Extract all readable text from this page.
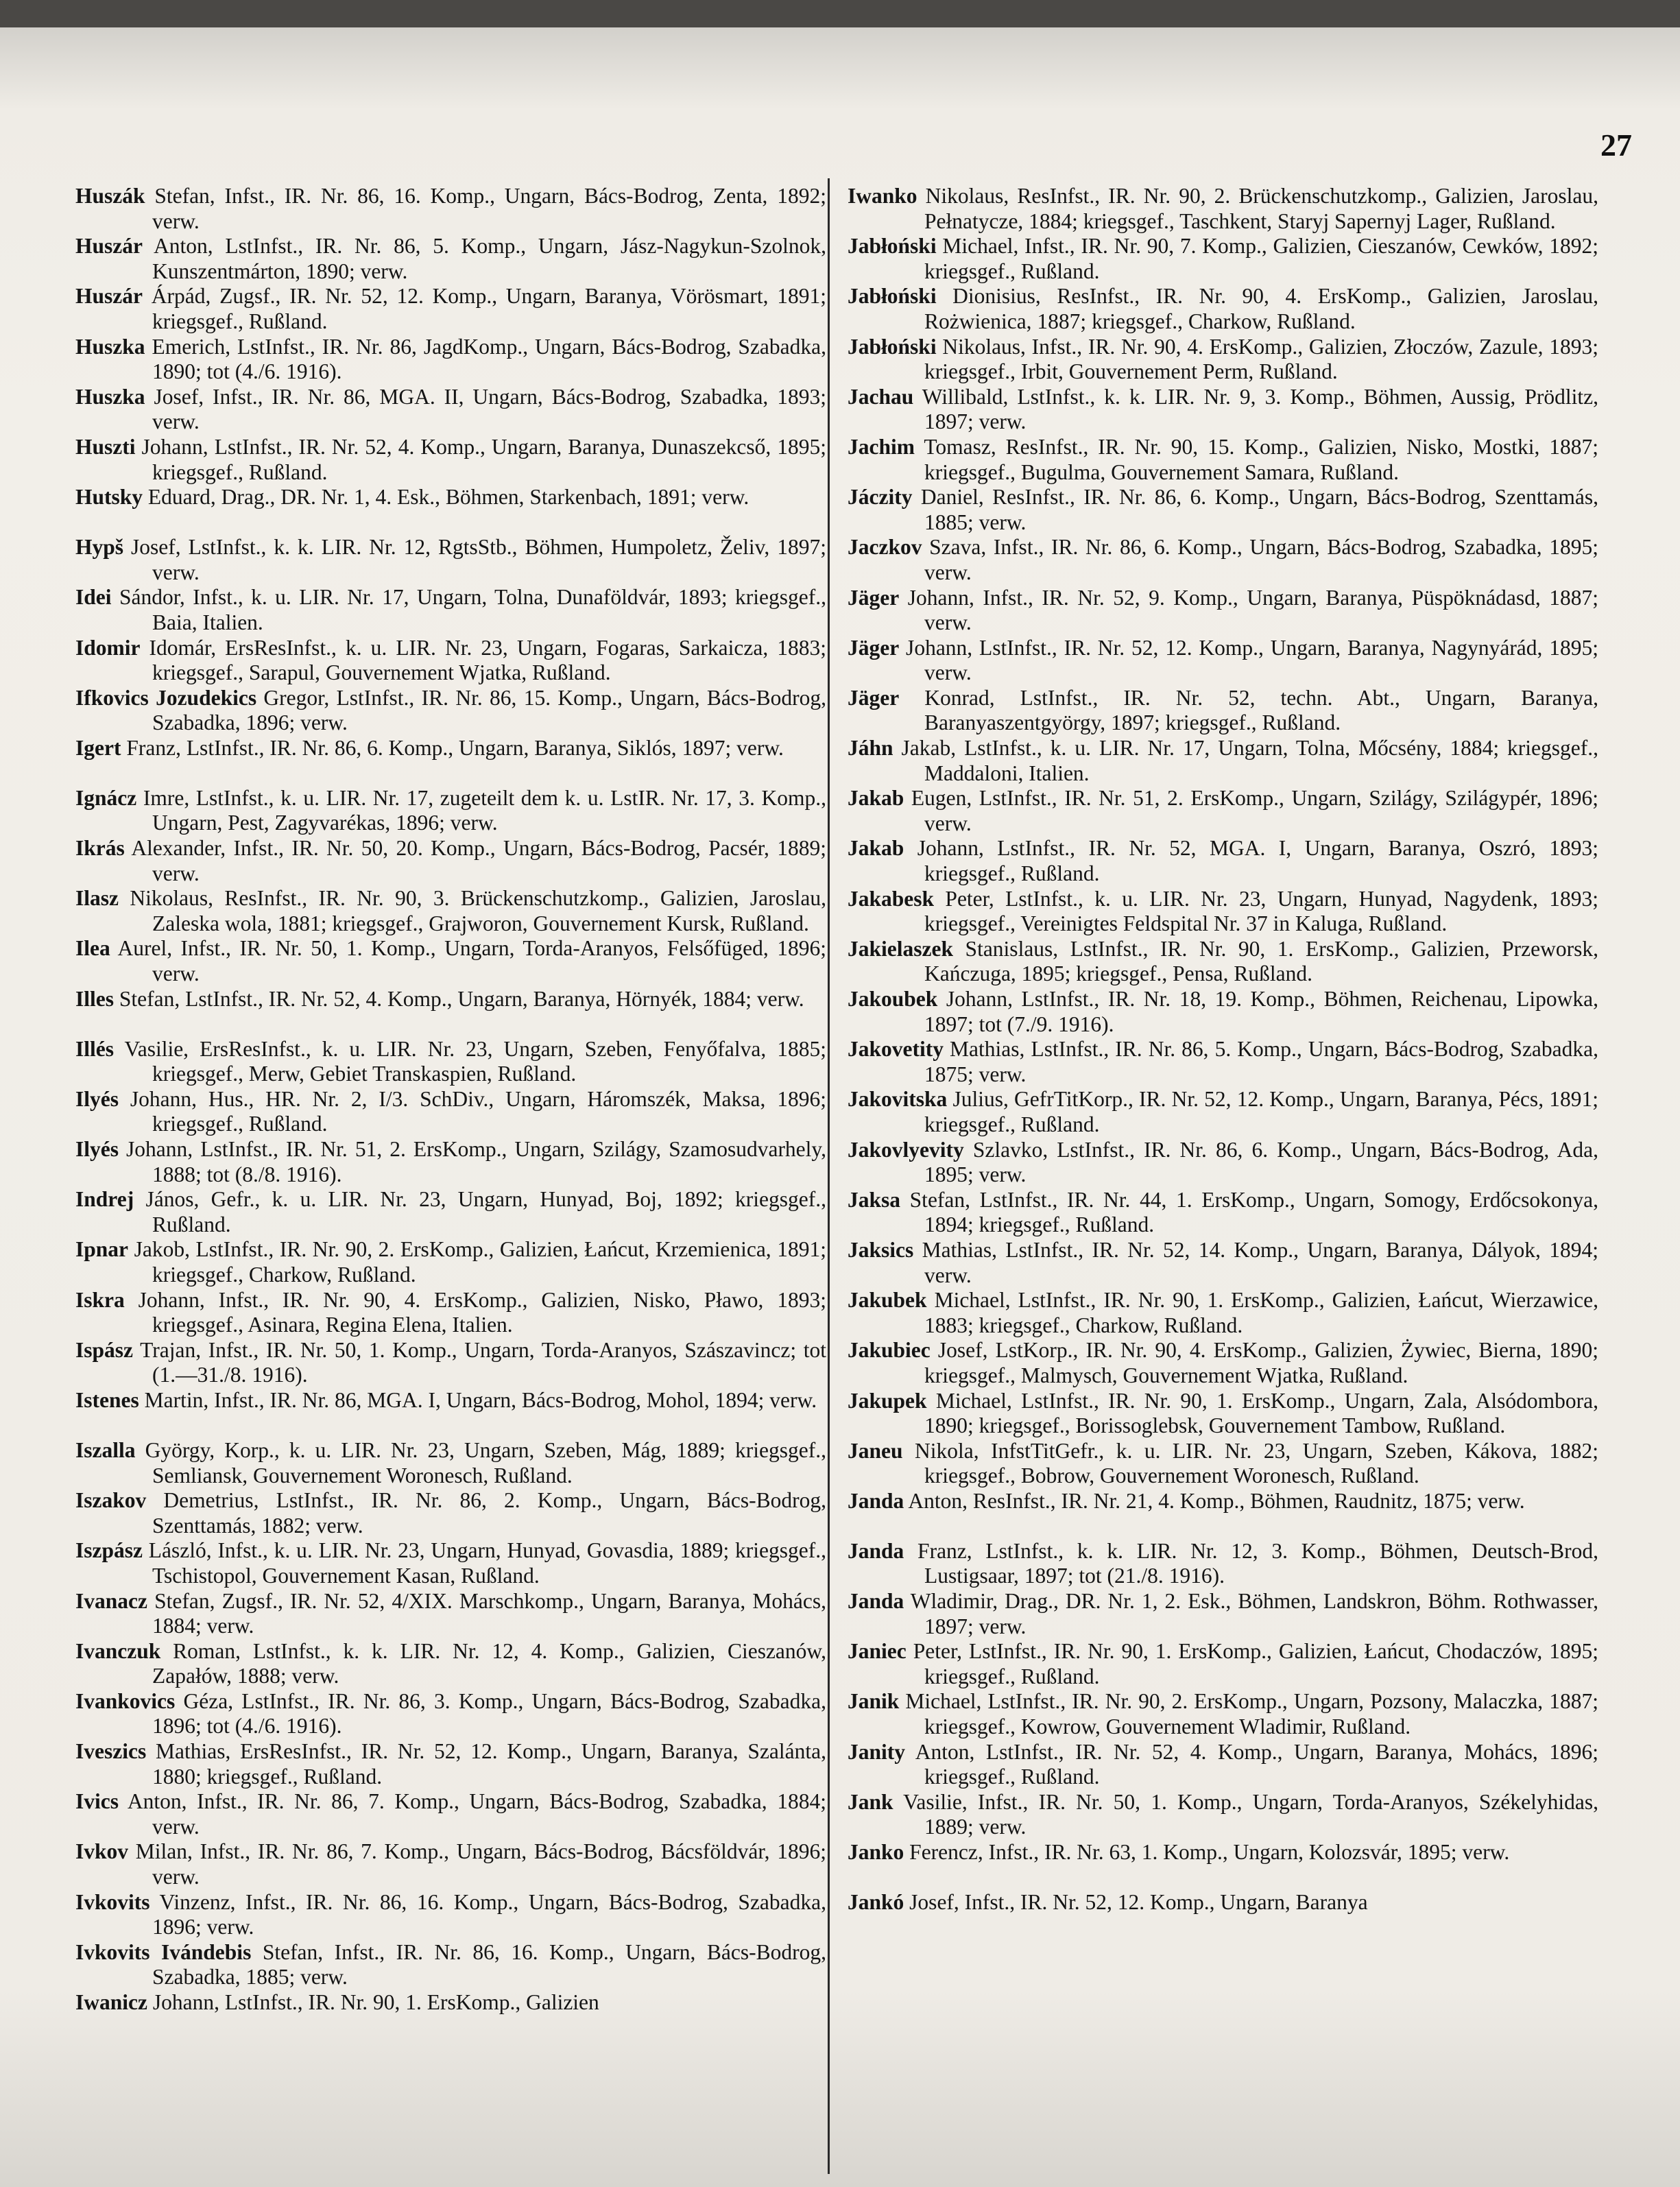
27

Huszák Stefan, Infst., IR. Nr. 86, 16. Komp., Ungarn, Bács-Bodrog, Zenta, 1892; verw.

Huszár Anton, LstInfst., IR. Nr. 86, 5. Komp., Ungarn, Jász-Nagykun-Szolnok, Kunszentmárton, 1890; verw.

Huszár Árpád, Zugsf., IR. Nr. 52, 12. Komp., Ungarn, Baranya, Vörösmart, 1891; kriegsgef., Rußland.

Huszka Emerich, LstInfst., IR. Nr. 86, JagdKomp., Ungarn, Bács-Bodrog, Szabadka, 1890; tot (4./6. 1916).

Huszka Josef, Infst., IR. Nr. 86, MGA. II, Ungarn, Bács-Bodrog, Szabadka, 1893; verw.

Huszti Johann, LstInfst., IR. Nr. 52, 4. Komp., Ungarn, Baranya, Dunaszekcső, 1895; kriegsgef., Rußland.

Hutsky Eduard, Drag., DR. Nr. 1, 4. Esk., Böhmen, Starkenbach, 1891; verw.

Hypš Josef, LstInfst., k. k. LIR. Nr. 12, RgtsStb., Böhmen, Humpoletz, Želiv, 1897; verw.

Idei Sándor, Infst., k. u. LIR. Nr. 17, Ungarn, Tolna, Dunaföldvár, 1893; kriegsgef., Baia, Italien.

Idomir Idomár, ErsResInfst., k. u. LIR. Nr. 23, Ungarn, Fogaras, Sarkaicza, 1883; kriegsgef., Sarapul, Gouvernement Wjatka, Rußland.

Ifkovics Jozudekics Gregor, LstInfst., IR. Nr. 86, 15. Komp., Ungarn, Bács-Bodrog, Szabadka, 1896; verw.

Igert Franz, LstInfst., IR. Nr. 86, 6. Komp., Ungarn, Baranya, Siklós, 1897; verw.

Ignácz Imre, LstInfst., k. u. LIR. Nr. 17, zugeteilt dem k. u. LstIR. Nr. 17, 3. Komp., Ungarn, Pest, Zagyvarékas, 1896; verw.

Ikrás Alexander, Infst., IR. Nr. 50, 20. Komp., Ungarn, Bács-Bodrog, Pacsér, 1889; verw.

Ilasz Nikolaus, ResInfst., IR. Nr. 90, 3. Brückenschutzkomp., Galizien, Jaroslau, Zaleska wola, 1881; kriegsgef., Grajworon, Gouvernement Kursk, Rußland.

Ilea Aurel, Infst., IR. Nr. 50, 1. Komp., Ungarn, Torda-Aranyos, Felsőfüged, 1896; verw.

Illes Stefan, LstInfst., IR. Nr. 52, 4. Komp., Ungarn, Baranya, Hörnyék, 1884; verw.

Illés Vasilie, ErsResInfst., k. u. LIR. Nr. 23, Ungarn, Szeben, Fenyőfalva, 1885; kriegsgef., Merw, Gebiet Transkaspien, Rußland.

Ilyés Johann, Hus., HR. Nr. 2, I/3. SchDiv., Ungarn, Háromszék, Maksa, 1896; kriegsgef., Rußland.

Ilyés Johann, LstInfst., IR. Nr. 51, 2. ErsKomp., Ungarn, Szilágy, Szamosudvarhely, 1888; tot (8./8. 1916).

Indrej János, Gefr., k. u. LIR. Nr. 23, Ungarn, Hunyad, Boj, 1892; kriegsgef., Rußland.

Ipnar Jakob, LstInfst., IR. Nr. 90, 2. ErsKomp., Galizien, Łańcut, Krzemienica, 1891; kriegsgef., Charkow, Rußland.

Iskra Johann, Infst., IR. Nr. 90, 4. ErsKomp., Galizien, Nisko, Pławo, 1893; kriegsgef., Asinara, Regina Elena, Italien.

Ispász Trajan, Infst., IR. Nr. 50, 1. Komp., Ungarn, Torda-Aranyos, Szászavincz; tot (1.—31./8. 1916).

Istenes Martin, Infst., IR. Nr. 86, MGA. I, Ungarn, Bács-Bodrog, Mohol, 1894; verw.

Iszalla György, Korp., k. u. LIR. Nr. 23, Ungarn, Szeben, Mág, 1889; kriegsgef., Semliansk, Gouvernement Woronesch, Rußland.

Iszakov Demetrius, LstInfst., IR. Nr. 86, 2. Komp., Ungarn, Bács-Bodrog, Szenttamás, 1882; verw.

Iszpász László, Infst., k. u. LIR. Nr. 23, Ungarn, Hunyad, Govasdia, 1889; kriegsgef., Tschistopol, Gouvernement Kasan, Rußland.

Ivanacz Stefan, Zugsf., IR. Nr. 52, 4/XIX. Marschkomp., Ungarn, Baranya, Mohács, 1884; verw.

Ivanczuk Roman, LstInfst., k. k. LIR. Nr. 12, 4. Komp., Galizien, Cieszanów, Zapałów, 1888; verw.

Ivankovics Géza, LstInfst., IR. Nr. 86, 3. Komp., Ungarn, Bács-Bodrog, Szabadka, 1896; tot (4./6. 1916).

Iveszics Mathias, ErsResInfst., IR. Nr. 52, 12. Komp., Ungarn, Baranya, Szalánta, 1880; kriegsgef., Rußland.

Ivics Anton, Infst., IR. Nr. 86, 7. Komp., Ungarn, Bács-Bodrog, Szabadka, 1884; verw.

Ivkov Milan, Infst., IR. Nr. 86, 7. Komp., Ungarn, Bács-Bodrog, Bácsföldvár, 1896; verw.

Ivkovits Vinzenz, Infst., IR. Nr. 86, 16. Komp., Ungarn, Bács-Bodrog, Szabadka, 1896; verw.

Ivkovits Ivándebis Stefan, Infst., IR. Nr. 86, 16. Komp., Ungarn, Bács-Bodrog, Szabadka, 1885; verw.

Iwanicz Johann, LstInfst., IR. Nr. 90, 1. ErsKomp., Galizien

Iwanko Nikolaus, ResInfst., IR. Nr. 90, 2. Brückenschutzkomp., Galizien, Jaroslau, Pełnatycze, 1884; kriegsgef., Taschkent, Staryj Sapernyj Lager, Rußland.

Jabłoński Michael, Infst., IR. Nr. 90, 7. Komp., Galizien, Cieszanów, Cewków, 1892; kriegsgef., Rußland.

Jabłoński Dionisius, ResInfst., IR. Nr. 90, 4. ErsKomp., Galizien, Jaroslau, Rożwienica, 1887; kriegsgef., Charkow, Rußland.

Jabłoński Nikolaus, Infst., IR. Nr. 90, 4. ErsKomp., Galizien, Złoczów, Zazule, 1893; kriegsgef., Irbit, Gouvernement Perm, Rußland.

Jachau Willibald, LstInfst., k. k. LIR. Nr. 9, 3. Komp., Böhmen, Aussig, Prödlitz, 1897; verw.

Jachim Tomasz, ResInfst., IR. Nr. 90, 15. Komp., Galizien, Nisko, Mostki, 1887; kriegsgef., Bugulma, Gouvernement Samara, Rußland.

Jáczity Daniel, ResInfst., IR. Nr. 86, 6. Komp., Ungarn, Bács-Bodrog, Szenttamás, 1885; verw.

Jaczkov Szava, Infst., IR. Nr. 86, 6. Komp., Ungarn, Bács-Bodrog, Szabadka, 1895; verw.

Jäger Johann, Infst., IR. Nr. 52, 9. Komp., Ungarn, Baranya, Püspöknádasd, 1887; verw.

Jäger Johann, LstInfst., IR. Nr. 52, 12. Komp., Ungarn, Baranya, Nagynyárád, 1895; verw.

Jäger Konrad, LstInfst., IR. Nr. 52, techn. Abt., Ungarn, Baranya, Baranyaszentgyörgy, 1897; kriegsgef., Rußland.

Jáhn Jakab, LstInfst., k. u. LIR. Nr. 17, Ungarn, Tolna, Mőcsény, 1884; kriegsgef., Maddaloni, Italien.

Jakab Eugen, LstInfst., IR. Nr. 51, 2. ErsKomp., Ungarn, Szilágy, Szilágypér, 1896; verw.

Jakab Johann, LstInfst., IR. Nr. 52, MGA. I, Ungarn, Baranya, Oszró, 1893; kriegsgef., Rußland.

Jakabesk Peter, LstInfst., k. u. LIR. Nr. 23, Ungarn, Hunyad, Nagydenk, 1893; kriegsgef., Vereinigtes Feldspital Nr. 37 in Kaluga, Rußland.

Jakielaszek Stanislaus, LstInfst., IR. Nr. 90, 1. ErsKomp., Galizien, Przeworsk, Kańczuga, 1895; kriegsgef., Pensa, Rußland.

Jakoubek Johann, LstInfst., IR. Nr. 18, 19. Komp., Böhmen, Reichenau, Lipowka, 1897; tot (7./9. 1916).

Jakovetity Mathias, LstInfst., IR. Nr. 86, 5. Komp., Ungarn, Bács-Bodrog, Szabadka, 1875; verw.

Jakovitska Julius, GefrTitKorp., IR. Nr. 52, 12. Komp., Ungarn, Baranya, Pécs, 1891; kriegsgef., Rußland.

Jakovlyevity Szlavko, LstInfst., IR. Nr. 86, 6. Komp., Ungarn, Bács-Bodrog, Ada, 1895; verw.

Jaksa Stefan, LstInfst., IR. Nr. 44, 1. ErsKomp., Ungarn, Somogy, Erdőcsokonya, 1894; kriegsgef., Rußland.

Jaksics Mathias, LstInfst., IR. Nr. 52, 14. Komp., Ungarn, Baranya, Dályok, 1894; verw.

Jakubek Michael, LstInfst., IR. Nr. 90, 1. ErsKomp., Galizien, Łańcut, Wierzawice, 1883; kriegsgef., Charkow, Rußland.

Jakubiec Josef, LstKorp., IR. Nr. 90, 4. ErsKomp., Galizien, Żywiec, Bierna, 1890; kriegsgef., Malmysch, Gouvernement Wjatka, Rußland.

Jakupek Michael, LstInfst., IR. Nr. 90, 1. ErsKomp., Ungarn, Zala, Alsódombora, 1890; kriegsgef., Borissoglebsk, Gouvernement Tambow, Rußland.

Janeu Nikola, InfstTitGefr., k. u. LIR. Nr. 23, Ungarn, Szeben, Kákova, 1882; kriegsgef., Bobrow, Gouvernement Woronesch, Rußland.

Janda Anton, ResInfst., IR. Nr. 21, 4. Komp., Böhmen, Raudnitz, 1875; verw.

Janda Franz, LstInfst., k. k. LIR. Nr. 12, 3. Komp., Böhmen, Deutsch-Brod, Lustigsaar, 1897; tot (21./8. 1916).

Janda Wladimir, Drag., DR. Nr. 1, 2. Esk., Böhmen, Landskron, Böhm. Rothwasser, 1897; verw.

Janiec Peter, LstInfst., IR. Nr. 90, 1. ErsKomp., Galizien, Łańcut, Chodaczów, 1895; kriegsgef., Rußland.

Janik Michael, LstInfst., IR. Nr. 90, 2. ErsKomp., Ungarn, Pozsony, Malaczka, 1887; kriegsgef., Kowrow, Gouvernement Wladimir, Rußland.

Janity Anton, LstInfst., IR. Nr. 52, 4. Komp., Ungarn, Baranya, Mohács, 1896; kriegsgef., Rußland.

Jank Vasilie, Infst., IR. Nr. 50, 1. Komp., Ungarn, Torda-Aranyos, Székelyhidas, 1889; verw.

Janko Ferencz, Infst., IR. Nr. 63, 1. Komp., Ungarn, Kolozsvár, 1895; verw.

Jankó Josef, Infst., IR. Nr. 52, 12. Komp., Ungarn, Baranya
